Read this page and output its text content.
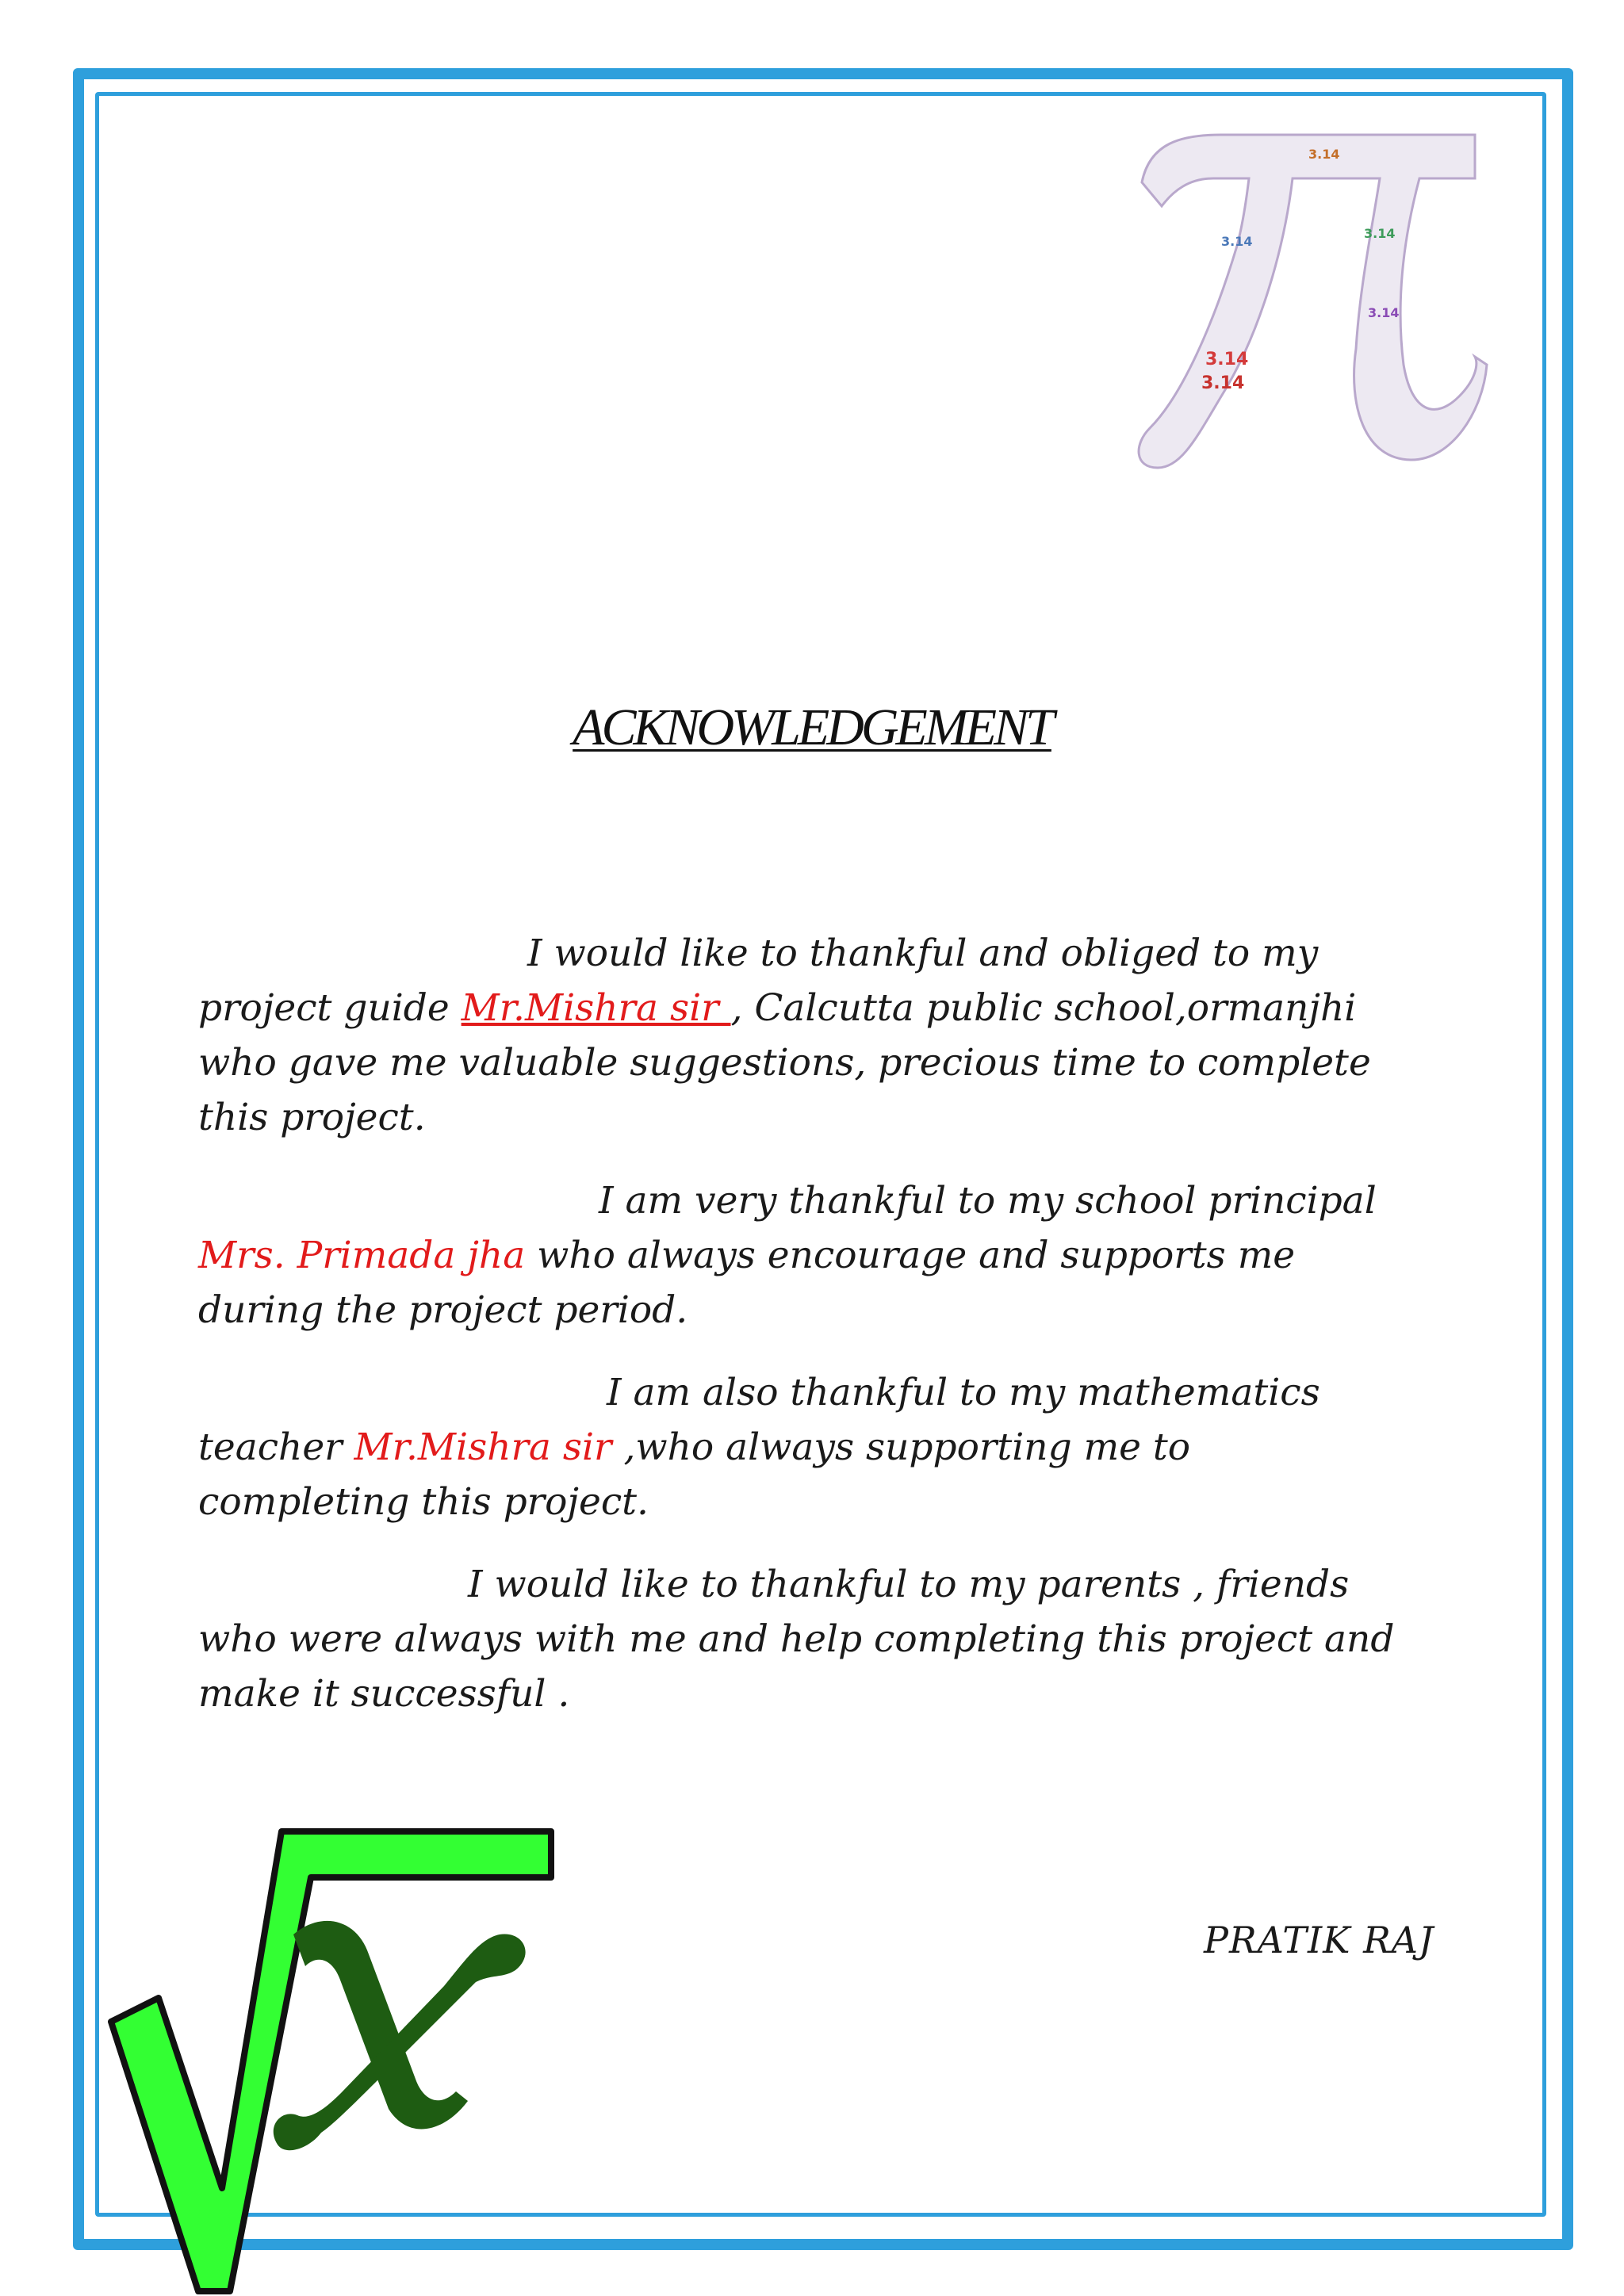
3.14
3.14
3.14
3.14
3.14
3.14
ACKNOWLEDGEMENT
I would like to thankful and obliged to my
project guide Mr.Mishra sir , Calcutta public school,ormanjhi
who gave me valuable suggestions, precious time to complete
this project.
I am very thankful to my school principal
Mrs. Primada jha who always encourage and supports me
during the project period.
I am also thankful to my mathematics
teacher Mr.Mishra sir ,who always supporting me to
completing this project.
I would like to thankful to my parents , friends
who were always with me and help completing this project and
make it successful .
PRATIK RAJ
